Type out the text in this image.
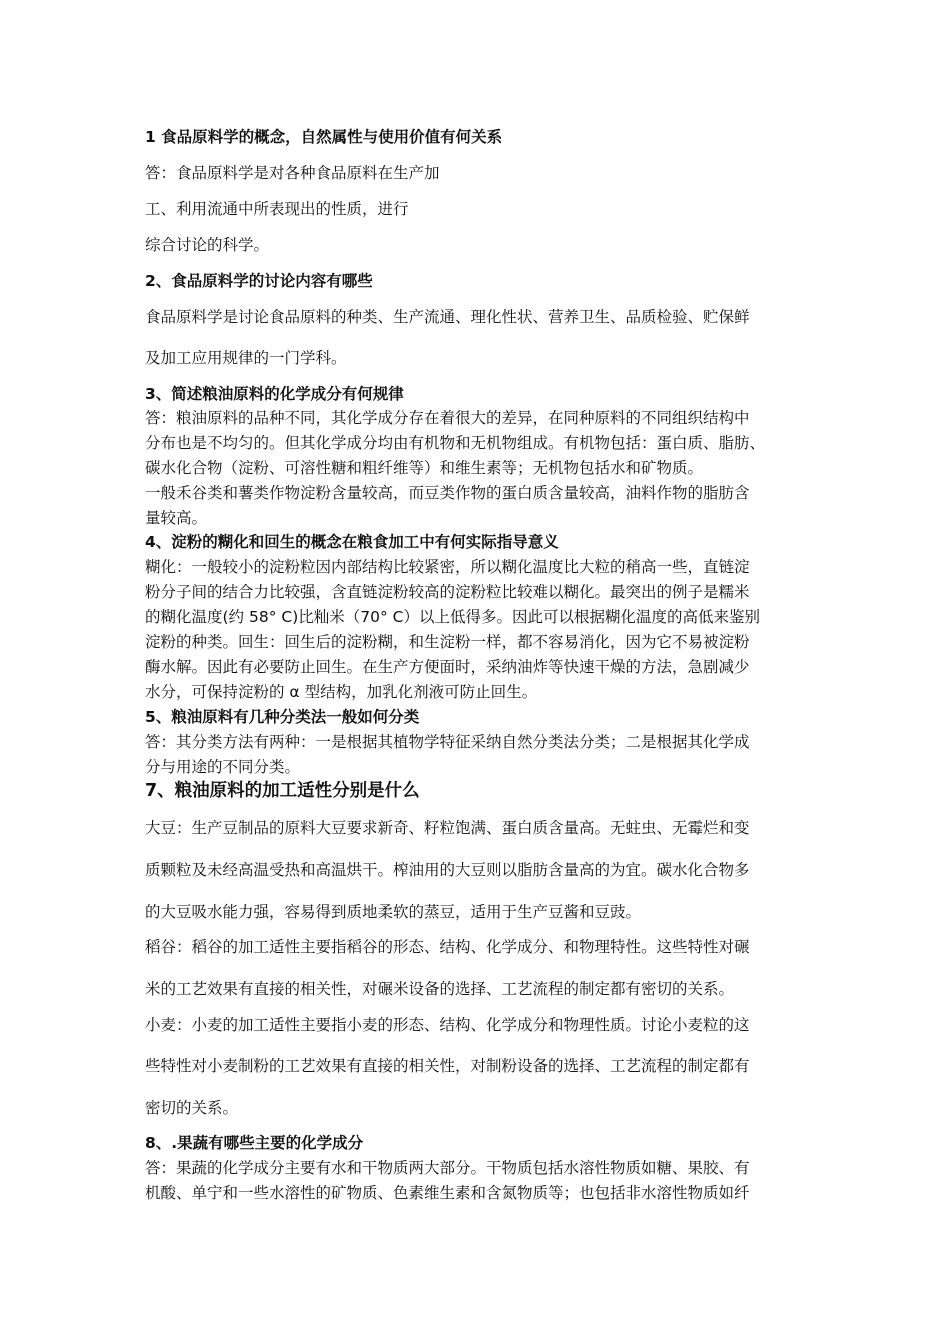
1 食品原料学的概念，自然属性与使用价值有何关系
答：食品原料学是对各种食品原料在生产加
工、利用流通中所表现出的性质，进行
综合讨论的科学。
2、食品原料学的讨论内容有哪些
食品原料学是讨论食品原料的种类、生产流通、理化性状、营养卫生、品质检验、贮保鲜
及加工应用规律的一门学科。
3、简述粮油原料的化学成分有何规律
答：粮油原料的品种不同，其化学成分存在着很大的差异，在同种原料的不同组织结构中
分布也是不均匀的。但其化学成分均由有机物和无机物组成。有机物包括：蛋白质、脂肪、
碳水化合物（淀粉、可溶性糖和粗纤维等）和维生素等；无机物包括水和矿物质。
一般禾谷类和薯类作物淀粉含量较高，而豆类作物的蛋白质含量较高，油料作物的脂肪含
量较高。
4、淀粉的糊化和回生的概念在粮食加工中有何实际指导意义
糊化：一般较小的淀粉粒因内部结构比较紧密，所以糊化温度比大粒的稍高一些，直链淀
粉分子间的结合力比较强，含直链淀粉较高的淀粉粒比较难以糊化。最突出的例子是糯米
的糊化温度(约 58° C)比籼米（70° C）以上低得多。因此可以根据糊化温度的高低来鉴别
淀粉的种类。回生：回生后的淀粉糊，和生淀粉一样，都不容易消化，因为它不易被淀粉
酶水解。因此有必要防止回生。在生产方便面时，采纳油炸等快速干燥的方法，急剧减少
水分，可保持淀粉的 α 型结构，加乳化剂液可防止回生。
5、粮油原料有几种分类法一般如何分类
答：其分类方法有两种：一是根据其植物学特征采纳自然分类法分类；二是根据其化学成
分与用途的不同分类。
7、粮油原料的加工适性分别是什么
大豆：生产豆制品的原料大豆要求新奇、籽粒饱满、蛋白质含量高。无蛀虫、无霉烂和变
质颗粒及未经高温受热和高温烘干。榨油用的大豆则以脂肪含量高的为宜。碳水化合物多
的大豆吸水能力强，容易得到质地柔软的蒸豆，适用于生产豆酱和豆豉。
稻谷：稻谷的加工适性主要指稻谷的形态、结构、化学成分、和物理特性。这些特性对碾
米的工艺效果有直接的相关性，对碾米设备的选择、工艺流程的制定都有密切的关系。
小麦：小麦的加工适性主要指小麦的形态、结构、化学成分和物理性质。讨论小麦粒的这
些特性对小麦制粉的工艺效果有直接的相关性，对制粉设备的选择、工艺流程的制定都有
密切的关系。
8、.果蔬有哪些主要的化学成分
答：果蔬的化学成分主要有水和干物质两大部分。干物质包括水溶性物质如糖、果胶、有
机酸、单宁和一些水溶性的矿物质、色素维生素和含氮物质等；也包括非水溶性物质如纤
